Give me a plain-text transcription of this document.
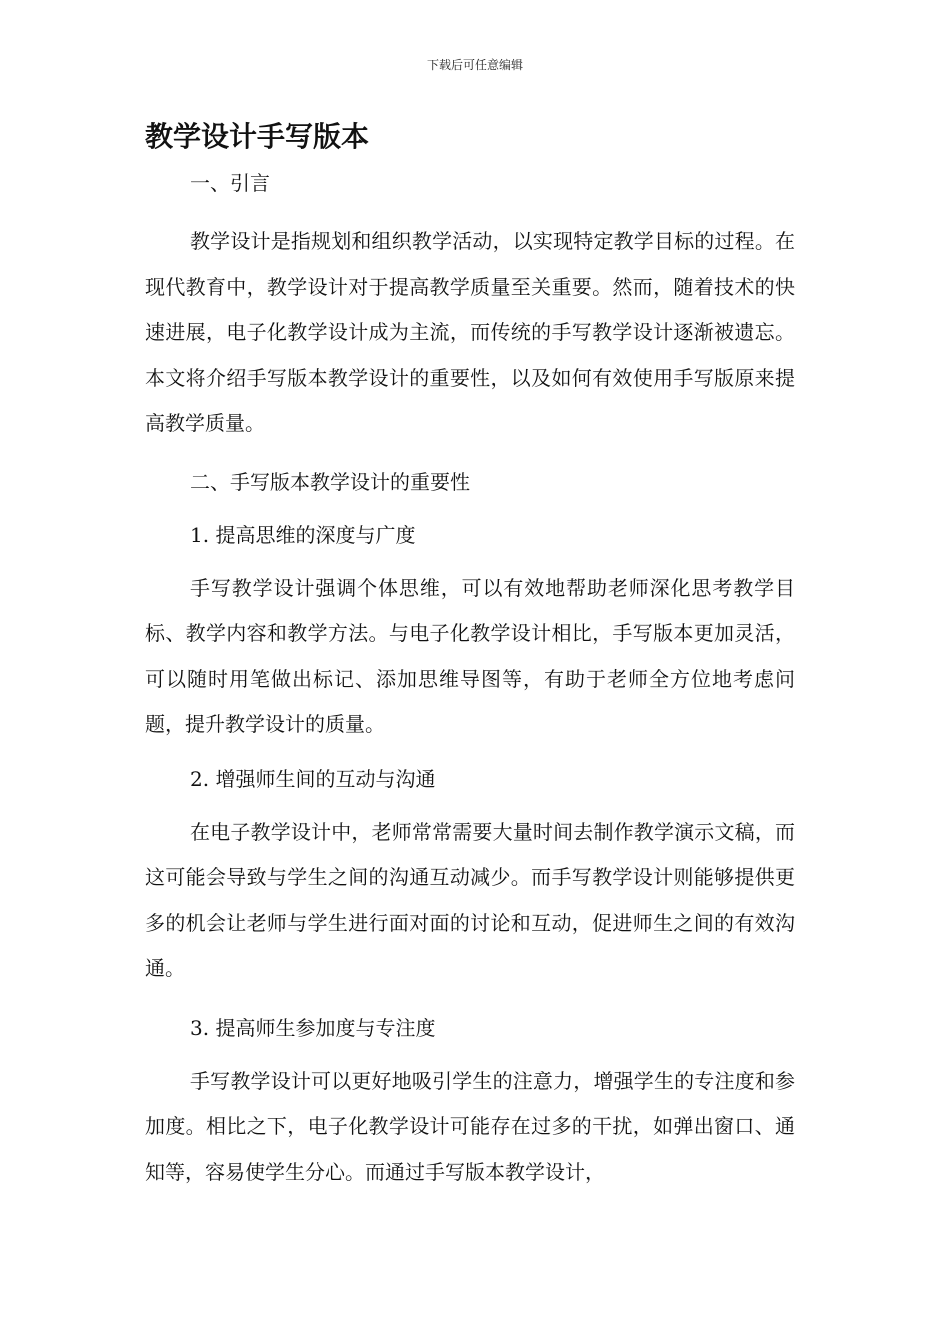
下载后可任意编辑
教学设计手写版本
一、引言

教学设计是指规划和组织教学活动，以实现特定教学目标的过程。在现代教育中，教学设计对于提高教学质量至关重要。然而，随着技术的快速进展，电子化教学设计成为主流，而传统的手写教学设计逐渐被遗忘。本文将介绍手写版本教学设计的重要性，以及如何有效使用手写版原来提高教学质量。

二、手写版本教学设计的重要性
1. 提高思维的深度与广度

手写教学设计强调个体思维，可以有效地帮助老师深化思考教学目标、教学内容和教学方法。与电子化教学设计相比，手写版本更加灵活，可以随时用笔做出标记、添加思维导图等，有助于老师全方位地考虑问题，提升教学设计的质量。

2. 增强师生间的互动与沟通

在电子教学设计中，老师常常需要大量时间去制作教学演示文稿，而这可能会导致与学生之间的沟通互动减少。而手写教学设计则能够提供更多的机会让老师与学生进行面对面的讨论和互动，促进师生之间的有效沟通。

3. 提高师生参加度与专注度

手写教学设计可以更好地吸引学生的注意力，增强学生的专注度和参加度。相比之下，电子化教学设计可能存在过多的干扰，如弹出窗口、通知等，容易使学生分心。而通过手写版本教学设计，
